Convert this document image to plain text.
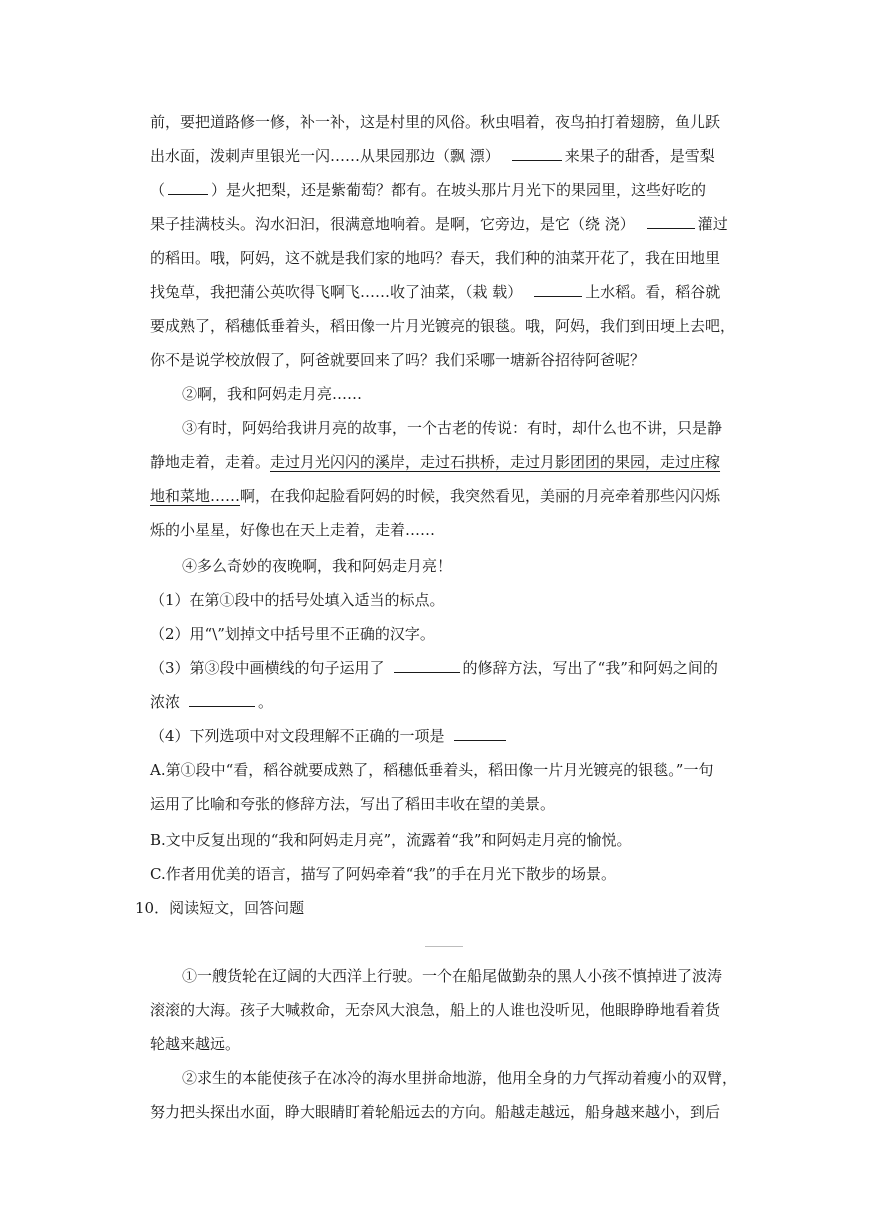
前，要把道路修一修，补一补，这是村里的风俗。秋虫唱着，夜鸟拍打着翅膀，鱼儿跃
出水面，泼刺声里银光一闪……从果园那边（飘 漂）	来果子的甜香，是雪梨
（	）是火把梨，还是紫葡萄？都有。在坡头那片月光下的果园里，这些好吃的
果子挂满枝头。沟水汩汩，很满意地响着。是啊，它旁边，是它（绕 浇）	灌过
的稻田。哦，阿妈，这不就是我们家的地吗？春天，我们种的油菜开花了，我在田地里
找兔草，我把蒲公英吹得飞啊飞……收了油菜，（栽 载）	上水稻。看，稻谷就
要成熟了，稻穗低垂着头，稻田像一片月光镀亮的银毯。哦，阿妈，我们到田埂上去吧，
你不是说学校放假了，阿爸就要回来了吗？我们采哪一塘新谷招待阿爸呢？
②啊，我和阿妈走月亮……
③有时，阿妈给我讲月亮的故事，一个古老的传说：有时，却什么也不讲，只是静
静地走着，走着。走过月光闪闪的溪岸，走过石拱桥，走过月影团团的果园，走过庄稼
地和菜地……啊，在我仰起脸看阿妈的时候，我突然看见，美丽的月亮牵着那些闪闪烁
烁的小星星，好像也在天上走着，走着……
④多么奇妙的夜晚啊，我和阿妈走月亮！
（1）在第①段中的括号处填入适当的标点。
（2）用“\”划掉文中括号里不正确的汉字。
（3）第③段中画横线的句子运用了	的修辞方法，写出了“我”和阿妈之间的
浓浓	。
（4）下列选项中对文段理解不正确的一项是
A.第①段中“看，稻谷就要成熟了，稻穗低垂着头，稻田像一片月光镀亮的银毯。”一句
运用了比喻和夸张的修辞方法，写出了稻田丰收在望的美景。
B.文中反复出现的“我和阿妈走月亮”，流露着“我”和阿妈走月亮的愉悦。
C.作者用优美的语言，描写了阿妈牵着“我”的手在月光下散步的场景。
10．阅读短文，回答问题
①一艘货轮在辽阔的大西洋上行驶。一个在船尾做勤杂的黑人小孩不慎掉进了波涛
滚滚的大海。孩子大喊救命，无奈风大浪急，船上的人谁也没听见，他眼睁睁地看着货
轮越来越远。
②求生的本能使孩子在冰冷的海水里拼命地游，他用全身的力气挥动着瘦小的双臂，
努力把头探出水面，睁大眼睛盯着轮船远去的方向。船越走越远，船身越来越小，到后
